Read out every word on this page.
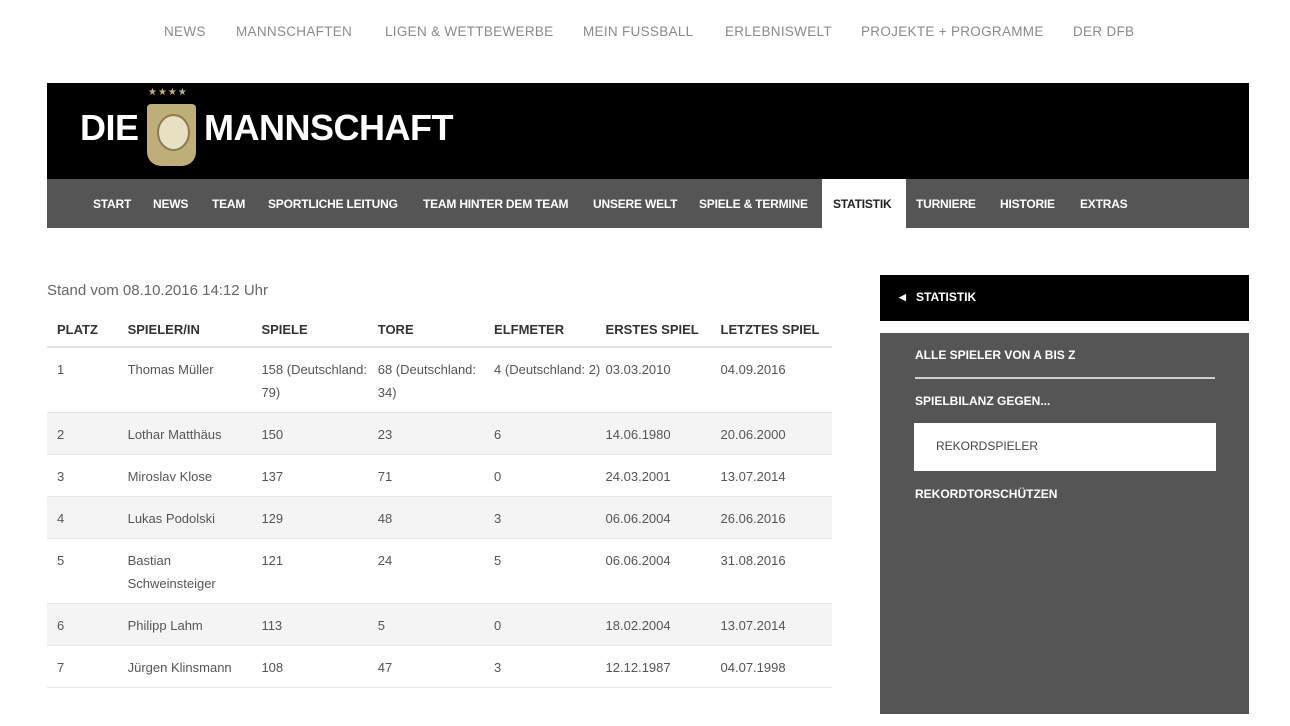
NEWS MANNSCHAFTEN LIGEN & WETTBEWERBE MEIN FUSSBALL ERLEBNISWELT PROJEKTE + PROGRAMME DER DFB
DIE
★★★★
MANNSCHAFT
START NEWS TEAM SPORTLICHE LEITUNG TEAM HINTER DEM TEAM UNSERE WELT SPIELE & TERMINE STATISTIK TURNIERE HISTORIE EXTRAS
Stand vom 08.10.2016 14:12 Uhr
PLATZ	SPIELER/IN	SPIELE	TORE	ELFMETER	ERSTES SPIEL	LETZTES SPIEL
1	Thomas Müller	158 (Deutschland: 79)	68 (Deutschland: 34)	4 (Deutschland: 2)	03.03.2010	04.09.2016
2	Lothar Matthäus	150	23	6	14.06.1980	20.06.2000
3	Miroslav Klose	137	71	0	24.03.2001	13.07.2014
4	Lukas Podolski	129	48	3	06.06.2004	26.06.2016
5	Bastian Schweinsteiger	121	24	5	06.06.2004	31.08.2016
6	Philipp Lahm	113	5	0	18.02.2004	13.07.2014
7	Jürgen Klinsmann	108	47	3	12.12.1987	04.07.1998
◀ STATISTIK
ALLE SPIELER VON A BIS Z
SPIELBILANZ GEGEN...
REKORDSPIELER
REKORDTORSCHÜTZEN
